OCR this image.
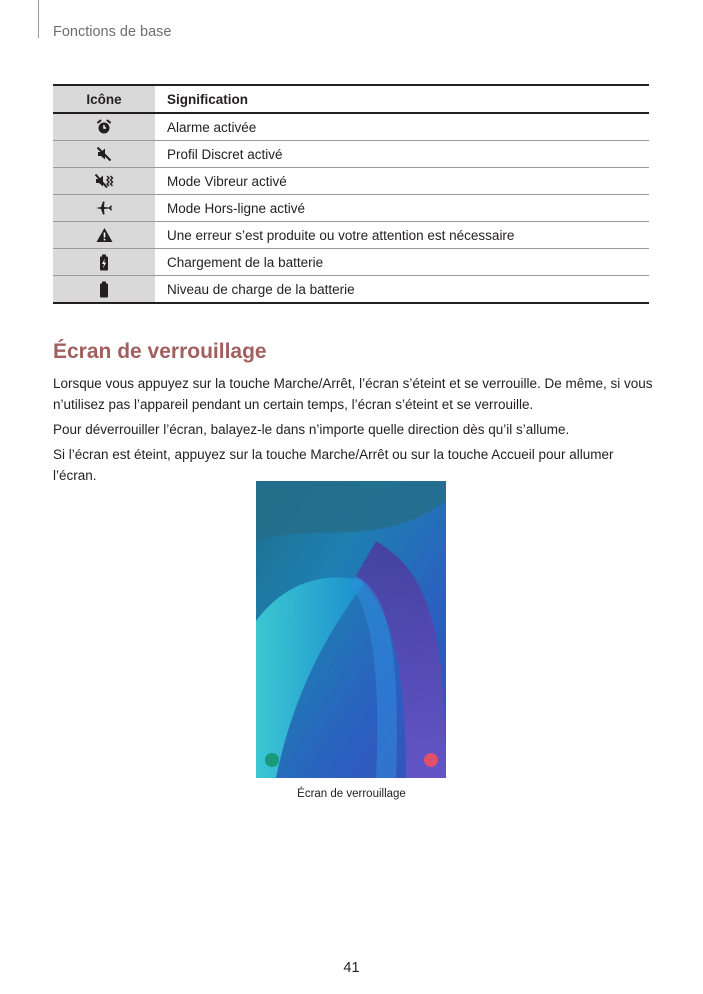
Fonctions de base
Icône	Signification

	Alarme activée

	Profil Discret activé

	Mode Vibreur activé

	Mode Hors-ligne activé

	Une erreur s’est produite ou votre attention est nécessaire

	Chargement de la batterie

	Niveau de charge de la batterie
Écran de verrouillage

Lorsque vous appuyez sur la touche Marche/Arrêt, l’écran s’éteint et se verrouille. De même, si vous n’utilisez pas l’appareil pendant un certain temps, l’écran s’éteint et se verrouille.

Pour déverrouiller l’écran, balayez-le dans n’importe quelle direction dès qu’il s’allume.

Si l’écran est éteint, appuyez sur la touche Marche/Arrêt ou sur la touche Accueil pour allumer l’écran.

Écran de verrouillage
41
